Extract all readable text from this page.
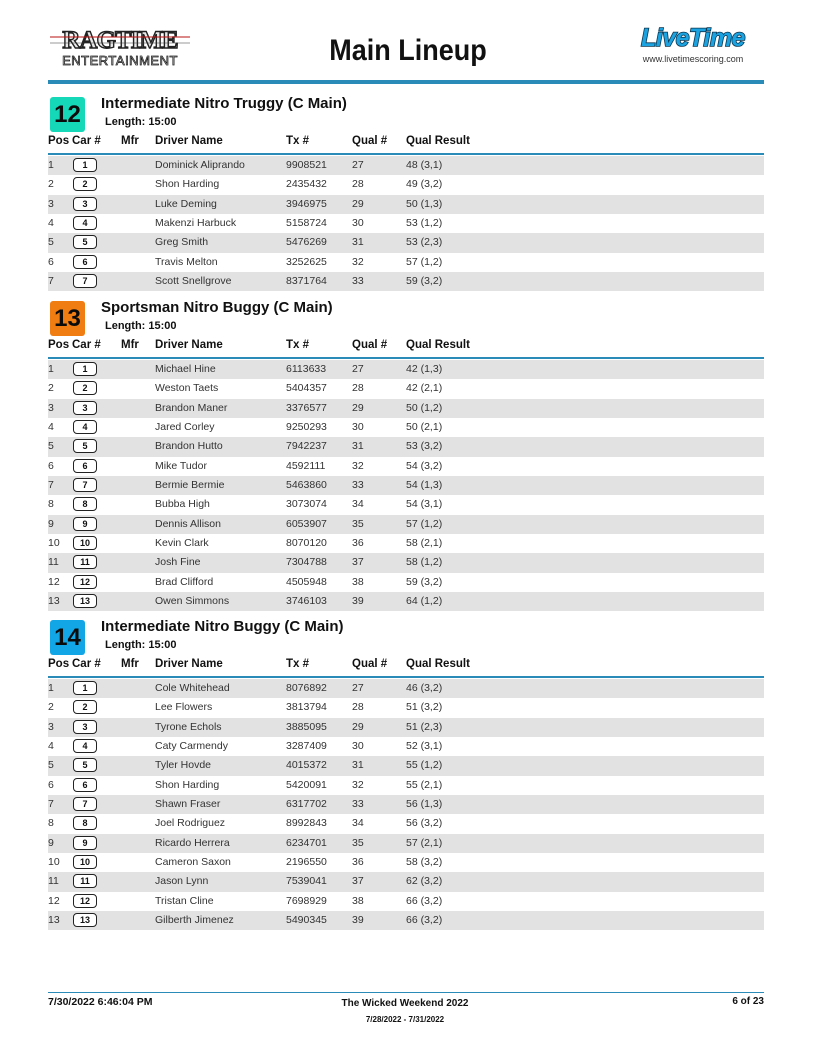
RAGTIME
ENTERTAINMENT	Main Lineup	LiveTime
www.livetimescoring.com
12 Intermediate Nitro Truggy (C Main)
Length: 15:00
Pos Car # Mfr Driver Name	Tx #	Qual # Qual Result
1	1	Dominick Aliprando	9908521 27	48 (3,1)
2	2	Shon Harding	2435432 28	49 (3,2)
3	3	Luke Deming	3946975 29	50 (1,3)
4	4	Makenzi Harbuck	5158724 30	53 (1,2)
5	5	Greg Smith	5476269 31	53 (2,3)
6	6	Travis Melton	3252625 32	57 (1,2)
7	7	Scott Snellgrove	8371764 33	59 (3,2)
13 Sportsman Nitro Buggy (C Main)
Length: 15:00
Pos Car # Mfr Driver Name	Tx #	Qual # Qual Result
1	1	Michael Hine	6113633 27	42 (1,3)
2	2	Weston Taets	5404357 28	42 (2,1)
3	3	Brandon Maner	3376577 29	50 (1,2)
4	4	Jared Corley	9250293 30	50 (2,1)
5	5	Brandon Hutto	7942237 31	53 (3,2)
6	6	Mike Tudor	4592111	32	54 (3,2)
7	7	Bermie Bermie	5463860 33	54 (1,3)
8	8	Bubba High	3073074 34	54 (3,1)
9	9	Dennis Allison	6053907 35	57 (1,2)
10	10	Kevin Clark	8070120 36	58 (2,1)
11	11	Josh Fine	7304788 37	58 (1,2)
12	12	Brad Clifford	4505948 38	59 (3,2)
13	13	Owen Simmons	3746103 39	64 (1,2)
14 Intermediate Nitro Buggy (C Main)
Length: 15:00
Pos Car # Mfr Driver Name	Tx #	Qual # Qual Result
1	1	Cole Whitehead	8076892 27	46 (3,2)
2	2	Lee Flowers	3813794 28	51 (3,2)
3	3	Tyrone Echols	3885095 29	51 (2,3)
4	4	Caty Carmendy	3287409 30	52 (3,1)
5	5	Tyler Hovde	4015372 31	55 (1,2)
6	6	Shon Harding	5420091 32	55 (2,1)
7	7	Shawn Fraser	6317702 33	56 (1,3)
8	8	Joel Rodriguez	8992843 34	56 (3,2)
9	9	Ricardo Herrera	6234701 35	57 (2,1)
10	10	Cameron Saxon	2196550 36	58 (3,2)
11	11	Jason Lynn	7539041 37	62 (3,2)
12	12	Tristan Cline	7698929 38	66 (3,2)
13	13	Gilberth Jimenez	5490345 39	66 (3,2)
7/30/2022 6:46:04 PM	The Wicked Weekend 2022
7/28/2022 - 7/31/2022
6 of 23
